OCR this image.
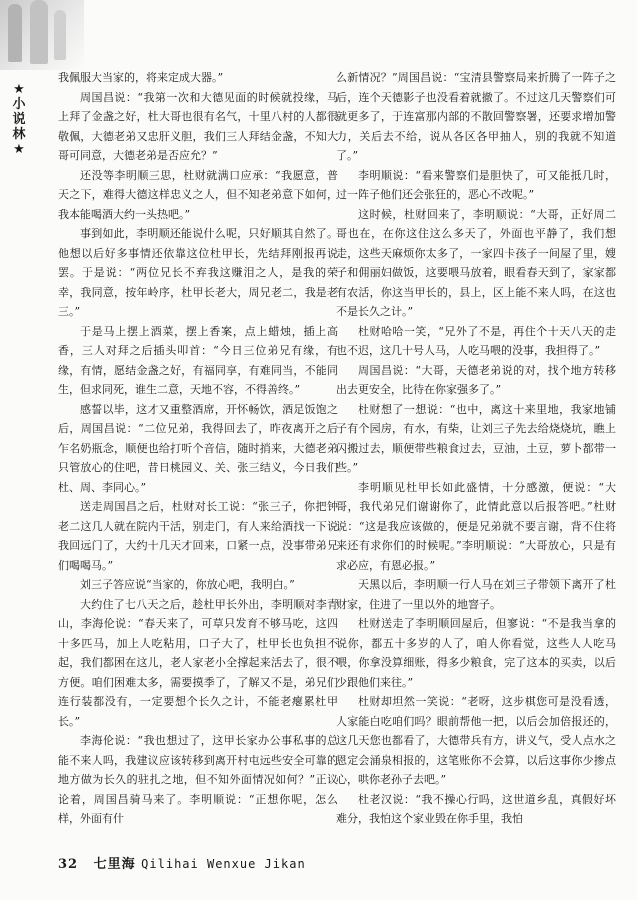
★
小
说
林
★

我佩服大当家的，将来定成大器。”

周国昌说：“我第一次和大德见面的时候就投缘，马上拜了金盏之好，杜大哥也很有名气，十里八村的人都很敬佩，大德老弟又忠肝义胆，我们三人拜结金盏，不知大哥可同意，大德老弟是否应允？”

还没等李明顺三思，杜财就满口应承：“我愿意，普天之下，难得大德这样忠义之人，但不知老弟意下如何，我本能喝酒大约一头热吧。”

事到如此，李明顺还能说什么呢，只好顺其自然了。他想以后好多事情还依靠这位杜甲长，先结拜刚报再说罢。于是说：“两位兄长不弃我这赚泪之人，是我的荣幸，我同意，按年岭序，杜甲长老大，周兄老二，我是老三。”

于是马上摆上酒菜，摆上香案，点上蜡烛，插上高香，三人对拜之后插头叩首：“今日三位弟兄有缘，有缘，有情，愿结金盏之好，有福同享，有难同当，不能同生，但求同死，谁生二意，天地不容，不得善终。”

感誓以毕，这才又重整酒席，开怀畅饮，酒足饭饱之后，周国昌说：“二位兄弟，我得回去了，昨夜离开之后乍名奶瓶念，顺便也给打听个音信，随时捎来，大德老弟只管放心的住吧，昔日桃园义、关、张三结义，今日我们杜、周、李同心。”

送走周国昌之后，杜财对长工说：“张三子，你把钟老二这几人就在院内干活，别走门，有人来给酒找一下说我回远门了，大约十几天才回来，口紧一点，没事带弟兄们喝喝马。”

刘三子答应说“当家的，你放心吧，我明白。”

大约住了七八天之后，趁杜甲长外出，李明顺对李青山，李海伦说：“春天来了，可草只发育不够马吃，这四十多匹马，加上人吃粘用，口子大了，杜甲长也负担不起，我们都困在这儿，老人家老小全撑起来活去了，很不方便。咱们困难太多，需要摸季了，了解又不是，弟兄们连行装都没有，一定要想个长久之计，不能老瘪累杜甲长。”

李海伦说：“我也想过了，这甲长家办公事私事的总能不来人吗，我建议应该转移到离开村屯远些安全可靠的地方做为长久的驻扎之地，但不知外面情况如何？”正议论着，周国昌骑马来了。李明顺说：“正想你呢，怎么样，外面有什

么新情况？”周国昌说：“宝清县警察局来折腾了一阵子之后，连个天德影子也没看着就撤了。不过这几天警察们可就更多了，于连富那内部的不散回警察署，还要求增加警力，关后去不给，说从各区各甲抽人，别的我就不知道了。”

李明顺说：“看来警察们是胆快了，可又能抵几时，过一阵子他们还会张狂的，恶心不改呢。”

这时候，杜财回来了，李明顺说：“大哥，正好周二哥也在，在你这住这么多天了，外面也平静了，我们想走，这些天麻烦你太多了，一家四卡孩子一间屋了里，嫂子和佣丽妇做饭，这要喂马放着，眼看春天到了，家家都有农活，你这当甲长的，县上，区上能不来人吗，在这也不是长久之计。”

杜财哈哈一笑，“兄外了不是，再住个十天八天的走也不迟，这几十号人马，人吃马喂的没事，我担得了。”

周国昌说：“大哥，天德老弟说的对，找个地方转移出去更安全，比待在你家强多了。”

杜财想了一想说：“也中，离这十来里地，我家地铺子有个园房，有水，有柴，让刘三子先去给烧烧坑，瞧上闪搬过去，顺便带些粮食过去，豆油，土豆，萝卜都带一些。”

李明顺见杜甲长如此盛情，十分感激，便说：“大哥，我代弟兄们谢谢你了，此情此意以后报答吧。”杜财说：“这是我应该做的，便是兄弟就不要言谢，背不住将来还有求你们的时候呢。”李明顺说：“大哥放心，只是有求必应，有恩必报。”

天黑以后，李明顺一行人马在刘三子带领下离开了杜财家，住进了一里以外的地窨子。

杜财送走了李明顺回屋后，但寥说：“不是我当拿的说你，都五十多岁的人了，咱人你看觉，这些人人吃马喂，你拿没算细账，得多少粮食，完了这本的买卖，以后少跟他们来往。”

杜财却坦然一笑说：“老呀，这步棋您可是没看透，人家能白吃咱们吗？眼前帮他一把，以后会加倍报还的，这几天您也都看了，大德带兵有方，讲义气，受人点水之恩定会涌泉相报的，这笔账你不会算，以后这事你少掺点心，哄你老孙子去吧。”

杜老汉说：“我不操心行吗，这世道乡乱，真假好坏难分，我怕这个家业毁在你手里，我怕

32 七里海 Qilihai Wenxue Jikan
